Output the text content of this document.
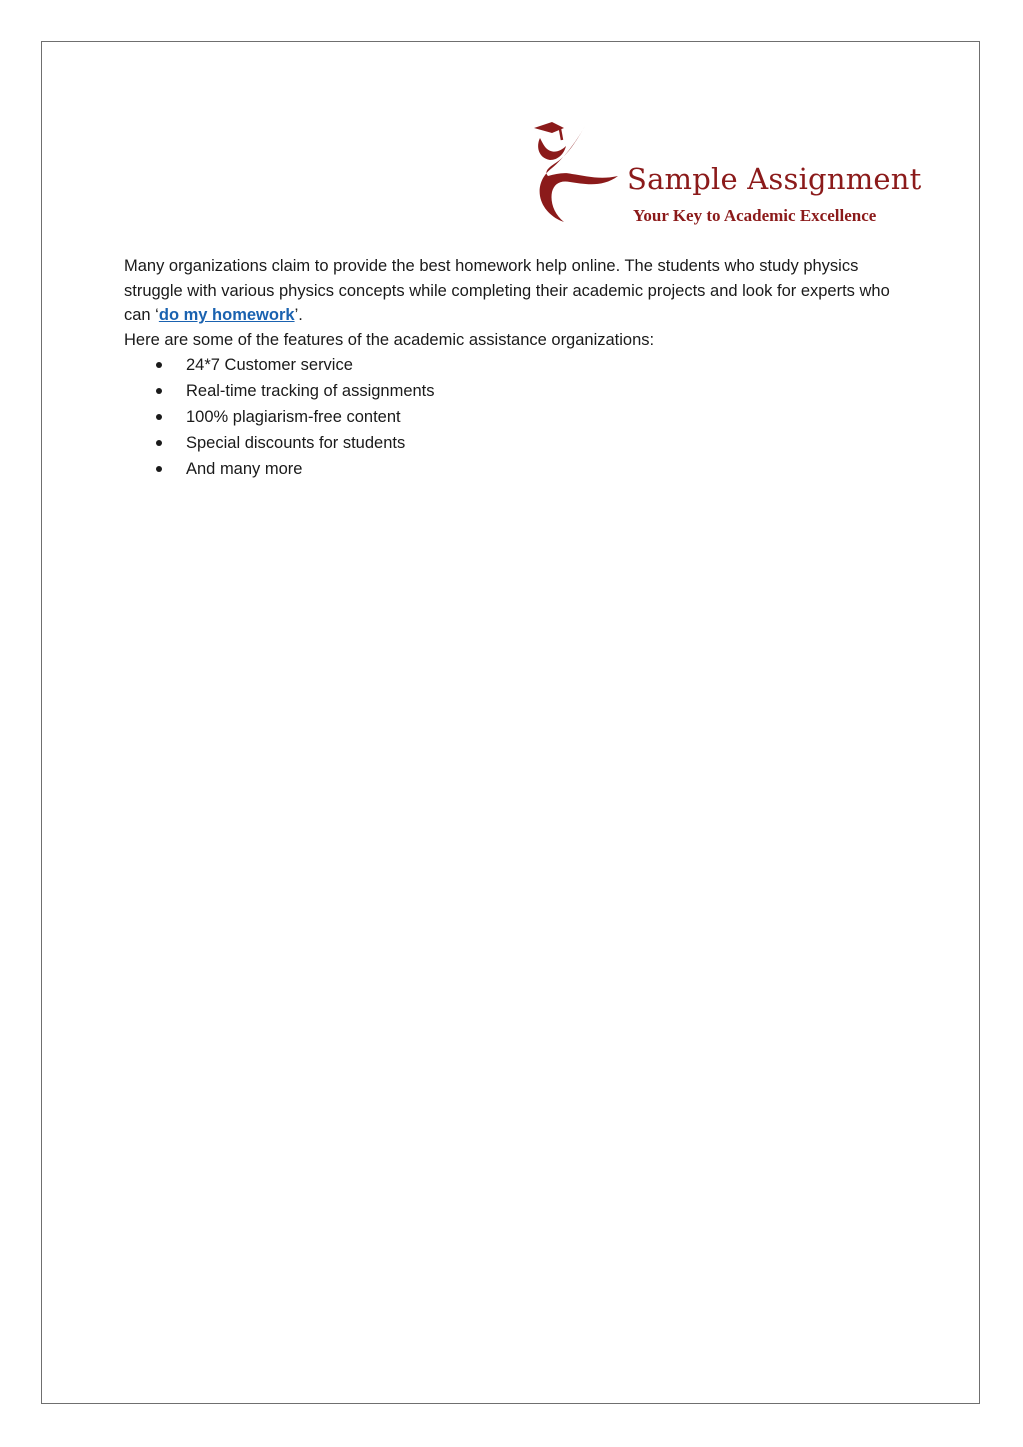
Sample Assignment
Your Key to Academic Excellence

Many organizations claim to provide the best homework help online. The students who study physics struggle with various physics concepts while completing their academic projects and look for experts who can ‘do my homework’.

Here are some of the features of the academic assistance organizations:

24*7 Customer service
Real-time tracking of assignments
100% plagiarism-free content
Special discounts for students
And many more
